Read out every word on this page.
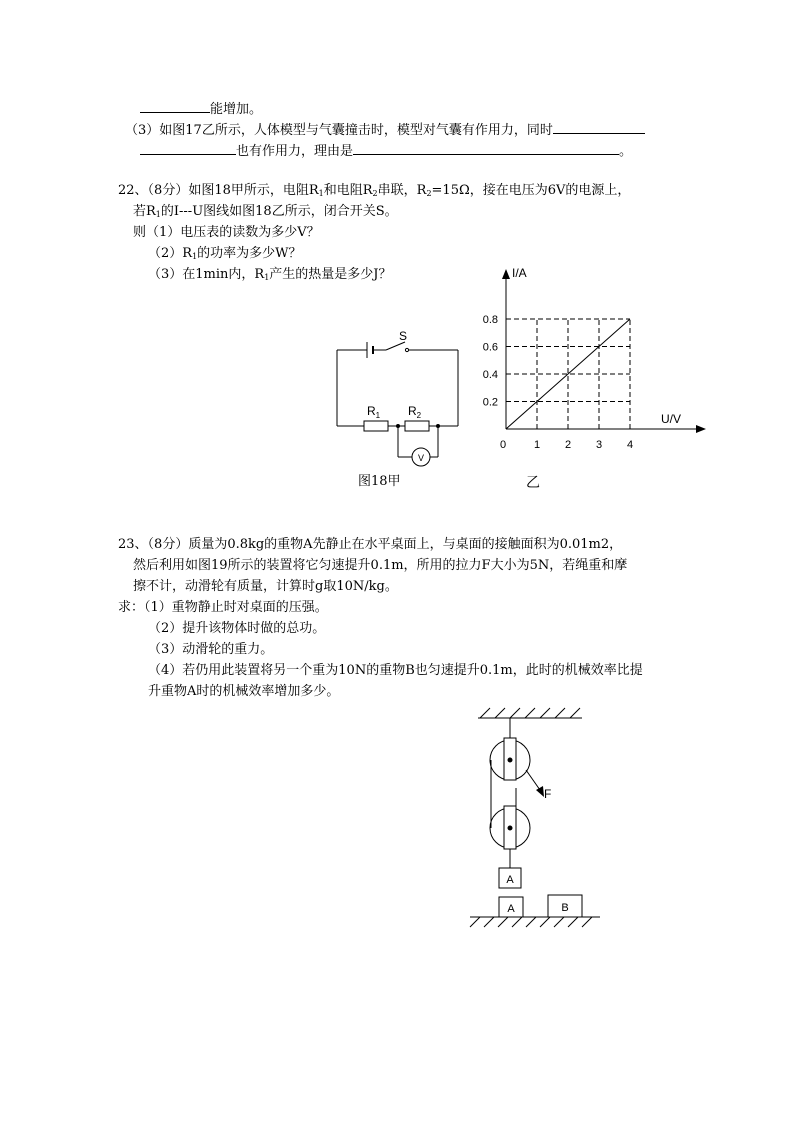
能增加。
（3）如图17乙所示，人体模型与气囊撞击时，模型对气囊有作用力，同时
也有作用力，理由是	。
22、（8分）如图18甲所示，电阻$R_1$和电阻$R_2$串联，$R_2=15\Omega$，接在电压为6V的电源上，
若$R_1$的I---U图线如图18乙所示，闭合开关S。
则（1）电压表的读数为多少V？
$(2)R_1$的功率为多少W？
（3）在1min内，$R_1$产生的热量是多少J？
S
$R_1$ $R_2$
V
图18甲
1 2 3 4
0.2
0.4
0.6
0.8
I/A
U/V
0
乙
23、（8分）质量为0.8kg的重物A先静止在水平桌面上，与桌面的接触面积为0.01m2，
然后利用如图19所示的装置将它匀速提升0.1m，所用的拉力F大小为5N，若绳重和摩
擦不计，动滑轮有质量，计算时g取10N/kg。
求：（1）重物静止时对桌面的压强。
（2）提升该物体时做的总功。
（3）动滑轮的重力。
（4）若仍用此装置将另一个重为10N的重物B也匀速提升0.1m，此时的机械效率比提
升重物A时的机械效率增加多少。
F
A
A	B
